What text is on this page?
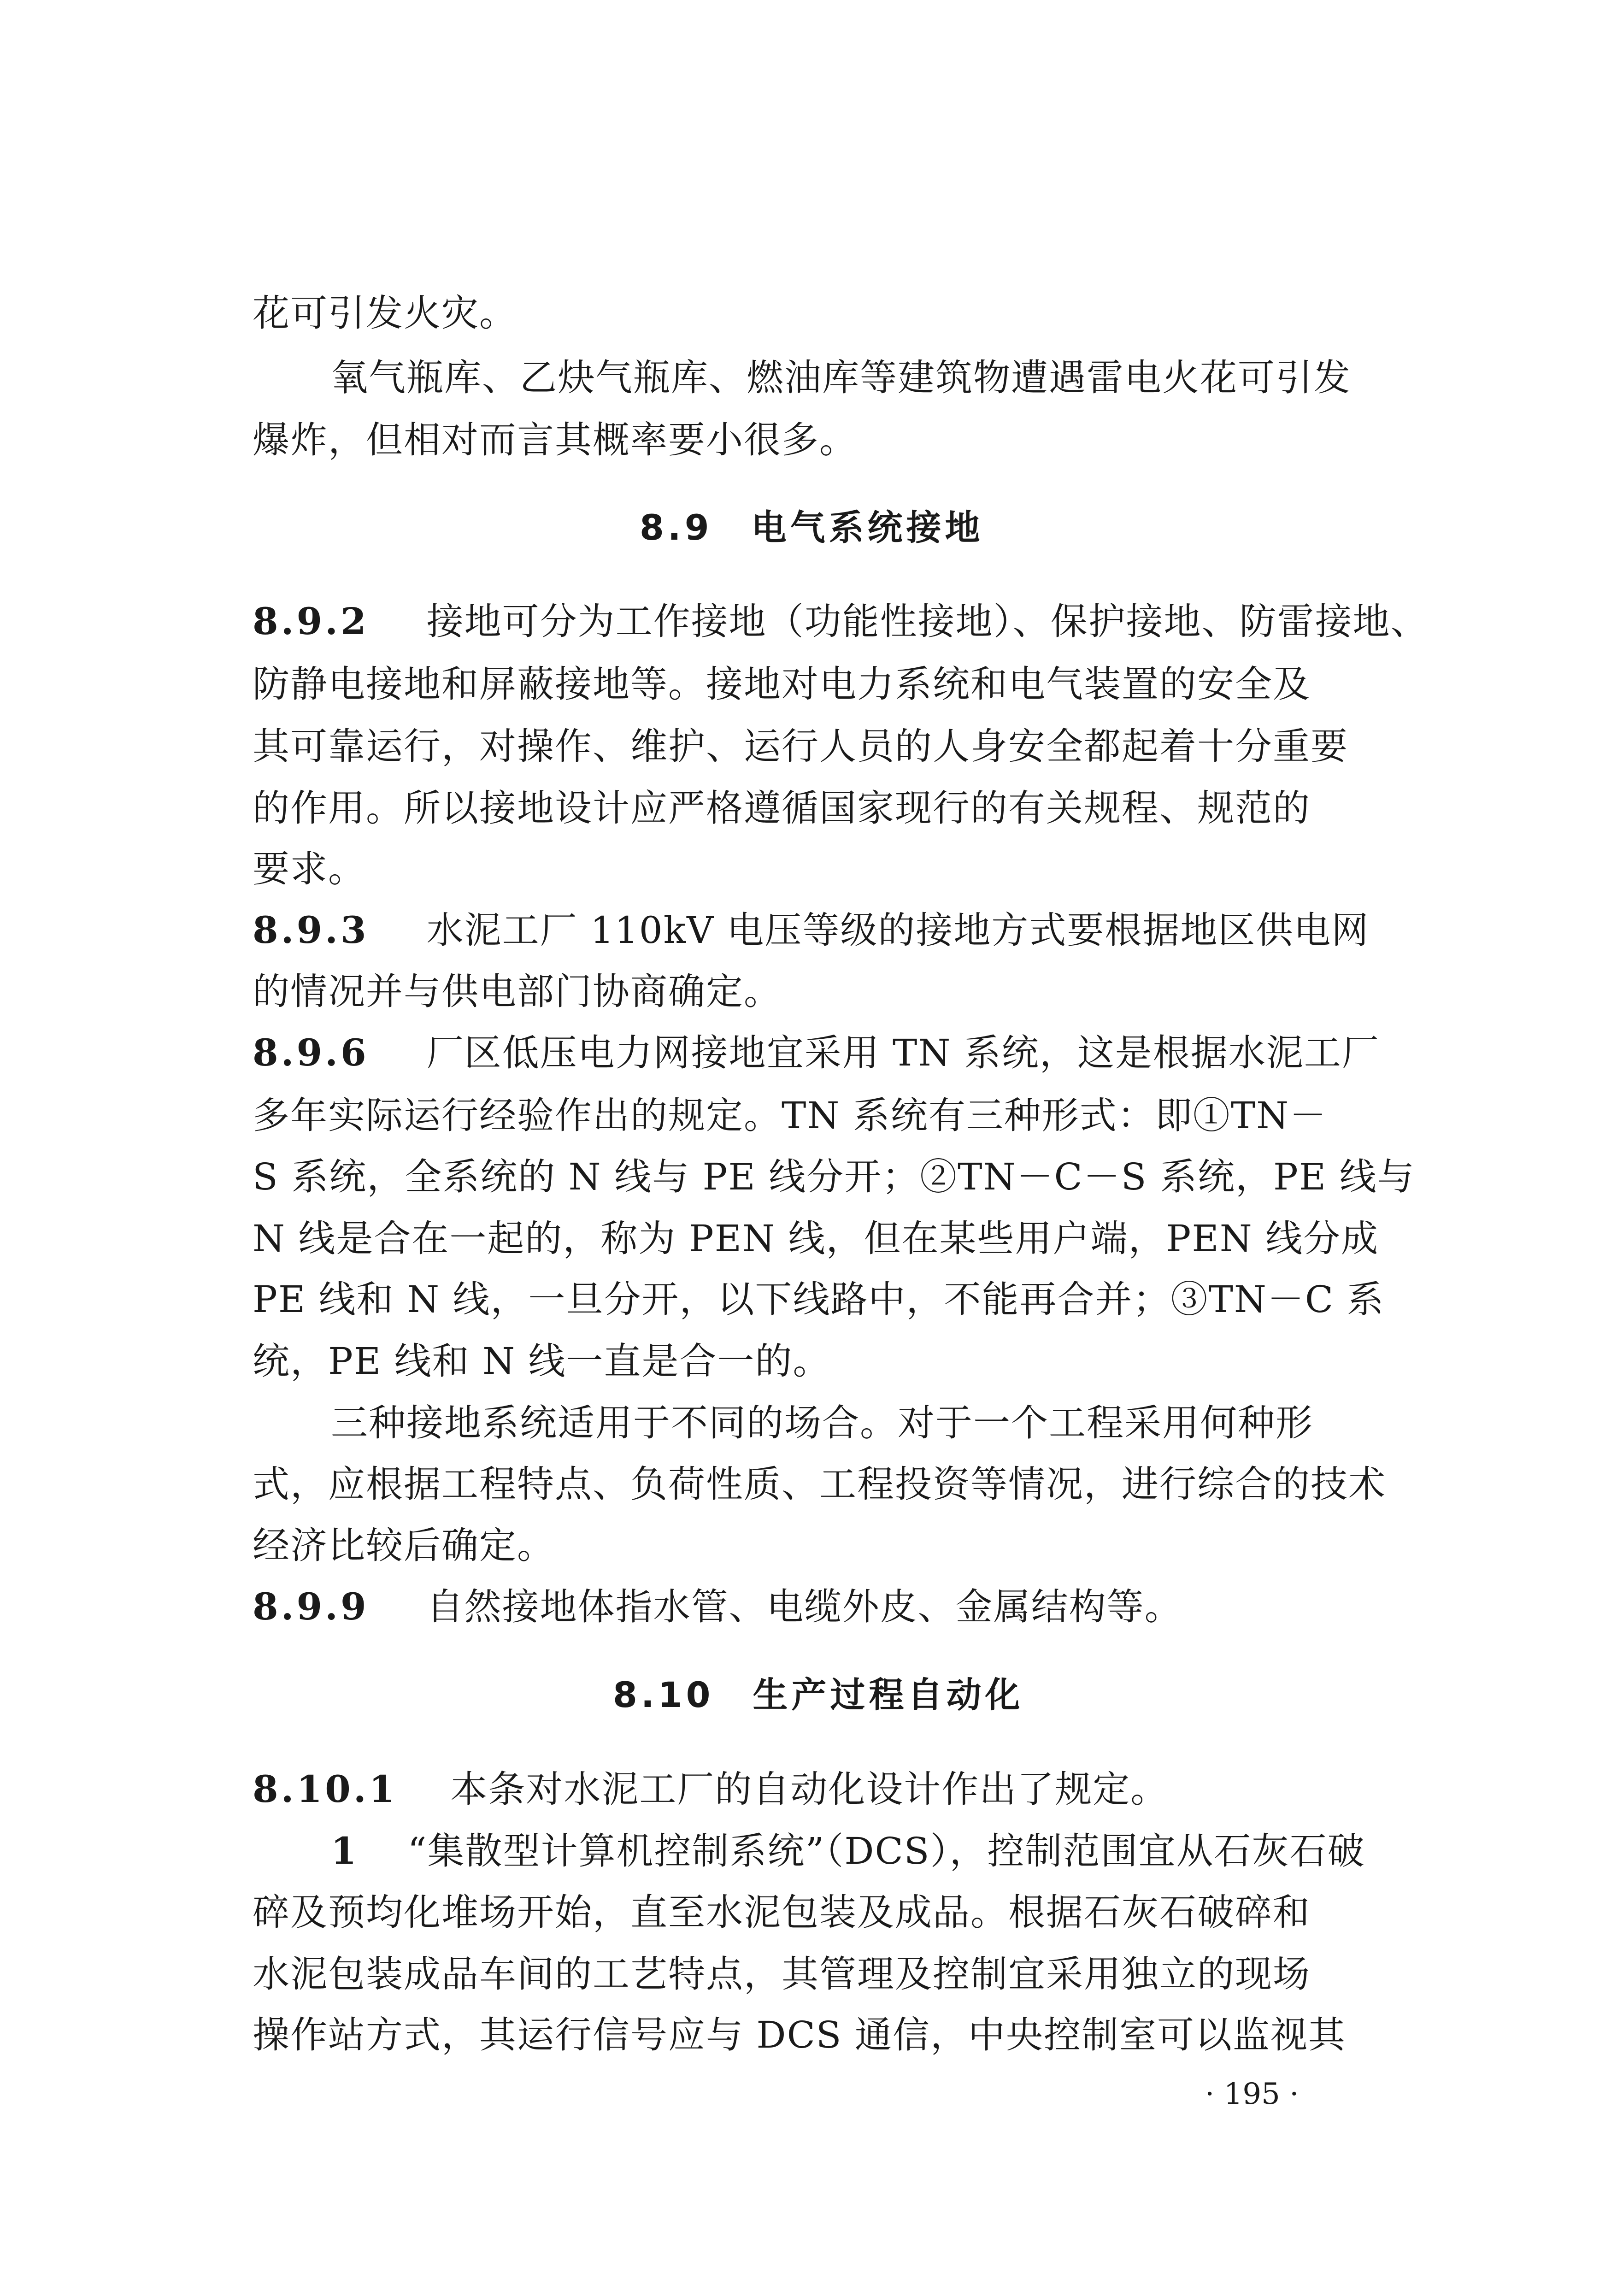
花可引发火灾。
氧气瓶库、乙炔气瓶库、燃油库等建筑物遭遇雷电火花可引发
爆炸，但相对而言其概率要小很多。
8.9　电气系统接地
8.9.2 接地可分为工作接地（功能性接地）、保护接地、防雷接地、
防静电接地和屏蔽接地等。接地对电力系统和电气装置的安全及
其可靠运行，对操作、维护、运行人员的人身安全都起着十分重要
的作用。所以接地设计应严格遵循国家现行的有关规程、规范的
要求。
8.9.3 水泥工厂 110kV 电压等级的接地方式要根据地区供电网
的情况并与供电部门协商确定。
8.9.6 厂区低压电力网接地宜采用 TN 系统，这是根据水泥工厂
多年实际运行经验作出的规定。TN 系统有三种形式：即①TN－
S 系统，全系统的 N 线与 PE 线分开；②TN－C－S 系统，PE 线与
N 线是合在一起的，称为 PEN 线，但在某些用户端，PEN 线分成
PE 线和 N 线，一旦分开，以下线路中，不能再合并；③TN－C 系
统，PE 线和 N 线一直是合一的。
三种接地系统适用于不同的场合。对于一个工程采用何种形
式，应根据工程特点、负荷性质、工程投资等情况，进行综合的技术
经济比较后确定。
8.9.9 自然接地体指水管、电缆外皮、金属结构等。
8.10　生产过程自动化
8.10.1 本条对水泥工厂的自动化设计作出了规定。
1 “集散型计算机控制系统”（DCS），控制范围宜从石灰石破
碎及预均化堆场开始，直至水泥包装及成品。根据石灰石破碎和
水泥包装成品车间的工艺特点，其管理及控制宜采用独立的现场
操作站方式，其运行信号应与 DCS 通信，中央控制室可以监视其
· 195 ·
